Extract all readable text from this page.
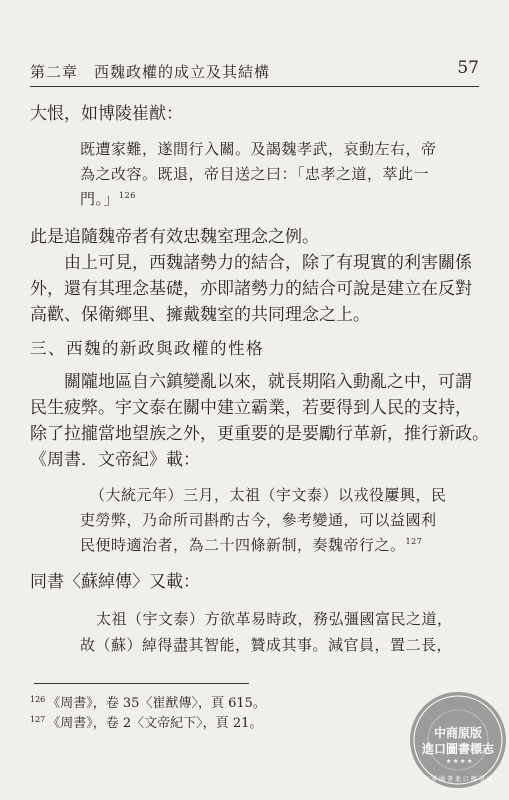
第二章　西魏政權的成立及其結構	57
大恨，如博陵崔猷：
既遭家難，遂間行入關。及謁魏孝武，哀動左右，帝
為之改容。既退，帝目送之曰：「忠孝之道，萃此一
門。」$^{126}$
此是追隨魏帝者有效忠魏室理念之例。
由上可見，西魏諸勢力的結合，除了有現實的利害關係
外，還有其理念基礎，亦即諸勢力的結合可說是建立在反對
高歡、保衛鄉里、擁戴魏室的共同理念之上。
三、西魏的新政與政權的性格
關隴地區自六鎮變亂以來，就長期陷入動亂之中，可謂
民生疲弊。宇文泰在關中建立霸業，若要得到人民的支持，
除了拉攏當地望族之外，更重要的是要勵行革新，推行新政。
《周書．文帝紀》載：
（大統元年）三月，太祖（宇文泰）以戎役屢興，民
吏勞弊，乃命所司斟酌古今，參考變通，可以益國利
民便時適治者，為二十四條新制，奏魏帝行之。$^{127}$
同書〈蘇綽傳〉又載：
太祖（宇文泰）方欲革易時政，務弘彊國富民之道，
故（蘇）綽得盡其智能，贊成其事。減官員，置二長，
$^{126}$ 《周書》，卷 35〈崔猷傳〉，頁 615。
$^{127}$ 《周書》，卷 2〈文帝紀下〉，頁 21。
★ ★ ★ ★
中商原版
進口圖書標志
中 華 圖 書 進 口 辦 事 處
